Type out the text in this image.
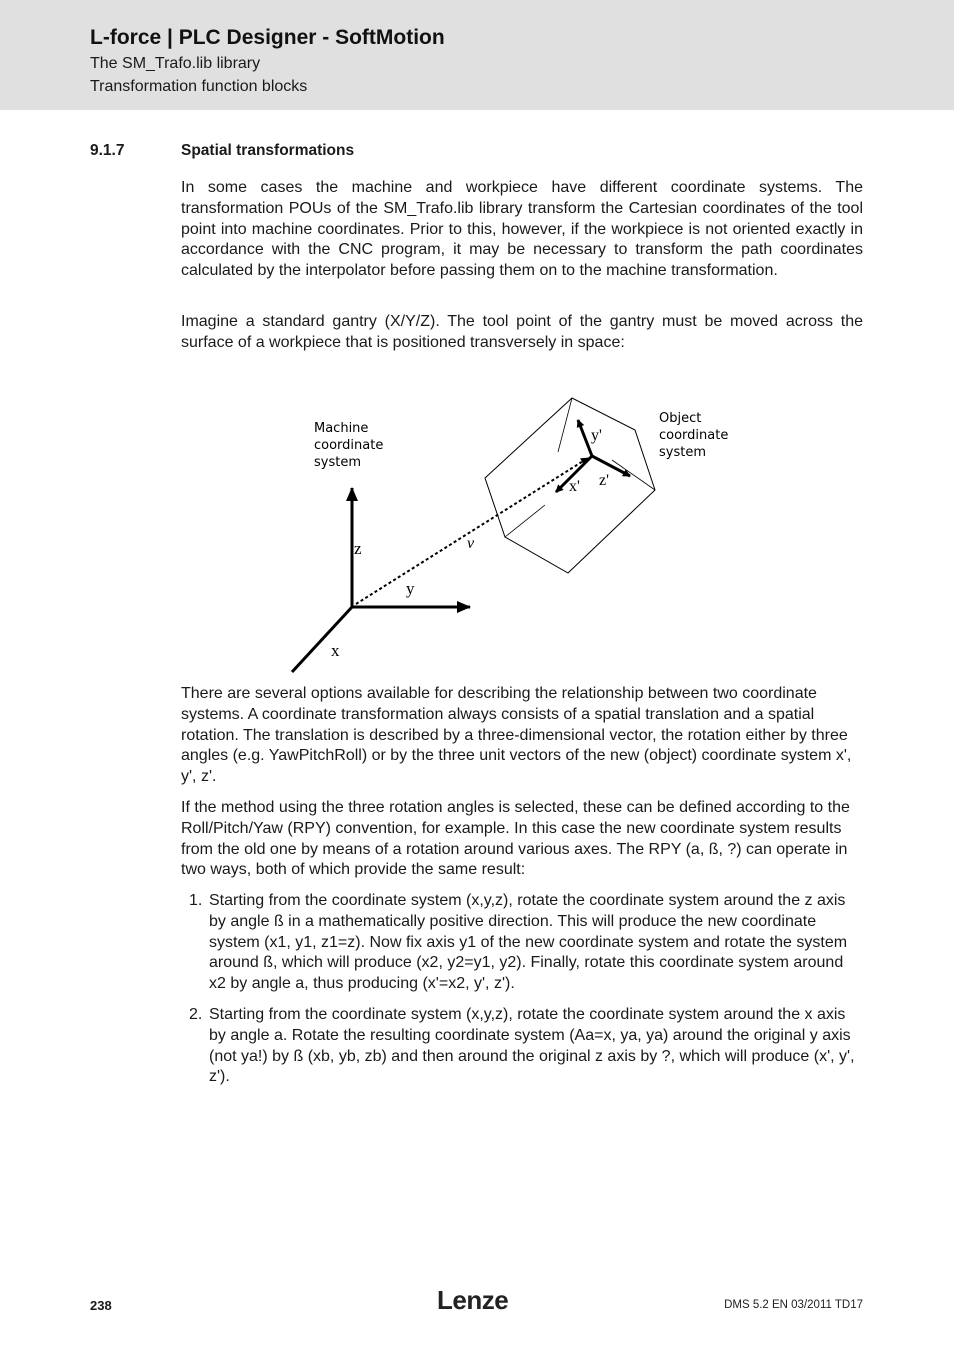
L-force | PLC Designer - SoftMotion
The SM_Trafo.lib library
Transformation function blocks
9.1.7	Spatial transformations
In some cases the machine and workpiece have different coordinate systems. The transformation POUs of the SM_Trafo.lib library transform the Cartesian coordinates of the tool point into machine coordinates. Prior to this, however, if the workpiece is not oriented exactly in accordance with the CNC program, it may be necessary to transform the path coordinates calculated by the interpolator before passing them on to the machine transformation.
Imagine a standard gantry (X/Y/Z). The tool point of the gantry must be moved across the surface of a workpiece that is positioned transversely in space:
Machine
coordinate
system
Object
coordinate
system
z
y
x
v
y'
x' z'
There are several options available for describing the relationship between two coordinate systems. A coordinate transformation always consists of a spatial translation and a spatial rotation. The translation is described by a three-dimensional vector, the rotation either by three angles (e.g. YawPitchRoll) or by the three unit vectors of the new (object) coordinate system x', y', z'.
If the method using the three rotation angles is selected, these can be defined according to the Roll/Pitch/Yaw (RPY) convention, for example. In this case the new coordinate system results from the old one by means of a rotation around various axes. The RPY (a, ß, ?) can operate in two ways, both of which provide the same result:
1. Starting from the coordinate system (x,y,z), rotate the coordinate system around the z axis by angle ß in a mathematically positive direction. This will produce the new coordinate system (x1, y1, z1=z). Now fix axis y1 of the new coordinate system and rotate the system around ß, which will produce (x2, y2=y1, y2). Finally, rotate this coordinate system around x2 by angle a, thus producing (x'=x2, y', z').
2. Starting from the coordinate system (x,y,z), rotate the coordinate system around the x axis by angle a. Rotate the resulting coordinate system (Aa=x, ya, ya) around the original y axis (not ya!) by ß (xb, yb, zb) and then around the original z axis by ?, which will produce (x', y', z').
238	Lenze	DMS 5.2 EN 03/2011 TD17
